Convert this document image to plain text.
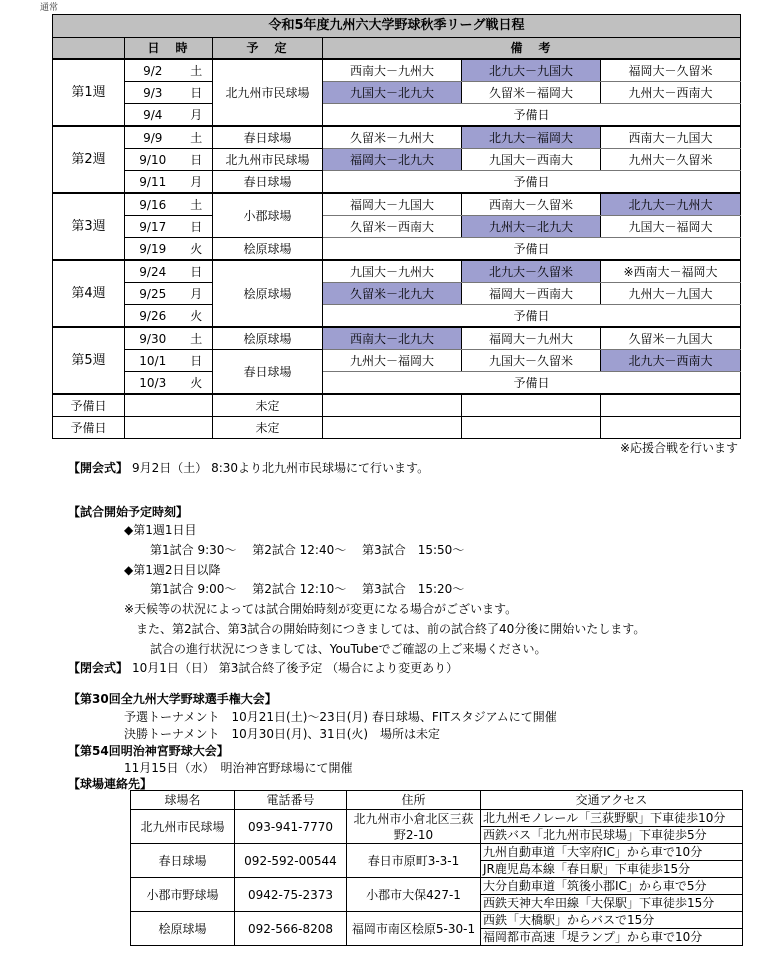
通常
令和5年度九州六大学野球秋季リーグ戦日程						
	日　時		予　定	備　考		
第1週	9/2	土	北九州市民球場	西南大－九州大	北九大－九国大	福岡大－久留米
	9/3	日		九国大－北九大	久留米－福岡大	九州大－西南大
	9/4	月		予備日		
第2週	9/9	土	春日球場	久留米－九州大	北九大－福岡大	西南大－九国大
	9/10	日	北九州市民球場	福岡大－北九大	九国大－西南大	九州大－久留米
	9/11	月	春日球場	予備日		
第3週	9/16	土	小郡球場	福岡大－九国大	西南大－久留米	北九大－九州大
	9/17	日		久留米－西南大	九州大－北九大	九国大－福岡大
	9/19	火	桧原球場	予備日		
第4週	9/24	日	桧原球場	九国大－九州大	北九大－久留米	※西南大－福岡大
	9/25	月		久留米－北九大	福岡大－西南大	九州大－九国大
	9/26	火		予備日		
第5週	9/30	土	桧原球場	西南大－北九大	福岡大－九州大	久留米－九国大
	10/1	日	春日球場	九州大－福岡大	九国大－久留米	北九大－西南大
	10/3	火		予備日		
予備日			未定			
予備日			未定			
※応援合戦を行います
【開会式】 9月2日（土） 8:30より北九州市民球場にて行います。
【試合開始予定時刻】
◆第1週1日目
第1試合 9:30～　 第2試合 12:40～　 第3試合　15:50～
◆第1週2日目以降
第1試合 9:00～　 第2試合 12:10～　 第3試合　15:20～
※天候等の状況によっては試合開始時刻が変更になる場合がございます。
また、第2試合、第3試合の開始時刻につきましては、前の試合終了40分後に開始いたします。
試合の進行状況につきましては、YouTubeでご確認の上ご来場ください。
【閉会式】 10月1日（日） 第3試合終了後予定 （場合により変更あり）
【第30回全九州大学野球選手権大会】
予選トーナメント　10月21日(土)～23日(月) 春日球場、FITスタジアムにて開催
決勝トーナメント　10月30日(月)、31日(火)　場所は未定
【第54回明治神宮野球大会】
11月15日（水）　明治神宮野球場にて開催
【球場連絡先】
球場名	電話番号	住所	交通アクセス
北九州市民球場	093-941-7770	北九州市小倉北区三荻野2-10	北九州モノレール「三荻野駅」下車徒歩10分
			西鉄バス「北九州市民球場」下車徒歩5分
春日球場	092-592-00544	春日市原町3-3-1	九州自動車道「大宰府IC」から車で10分
			JR鹿児島本線「春日駅」下車徒歩15分
小郡市野球場	0942-75-2373	小郡市大保427-1	大分自動車道「筑後小郡IC」から車で5分
			西鉄天神大牟田線「大保駅」下車徒歩15分
桧原球場	092-566-8208	福岡市南区桧原5-30-1	西鉄「大橋駅」からバスで15分
			福岡都市高速「堤ランプ」から車で10分
